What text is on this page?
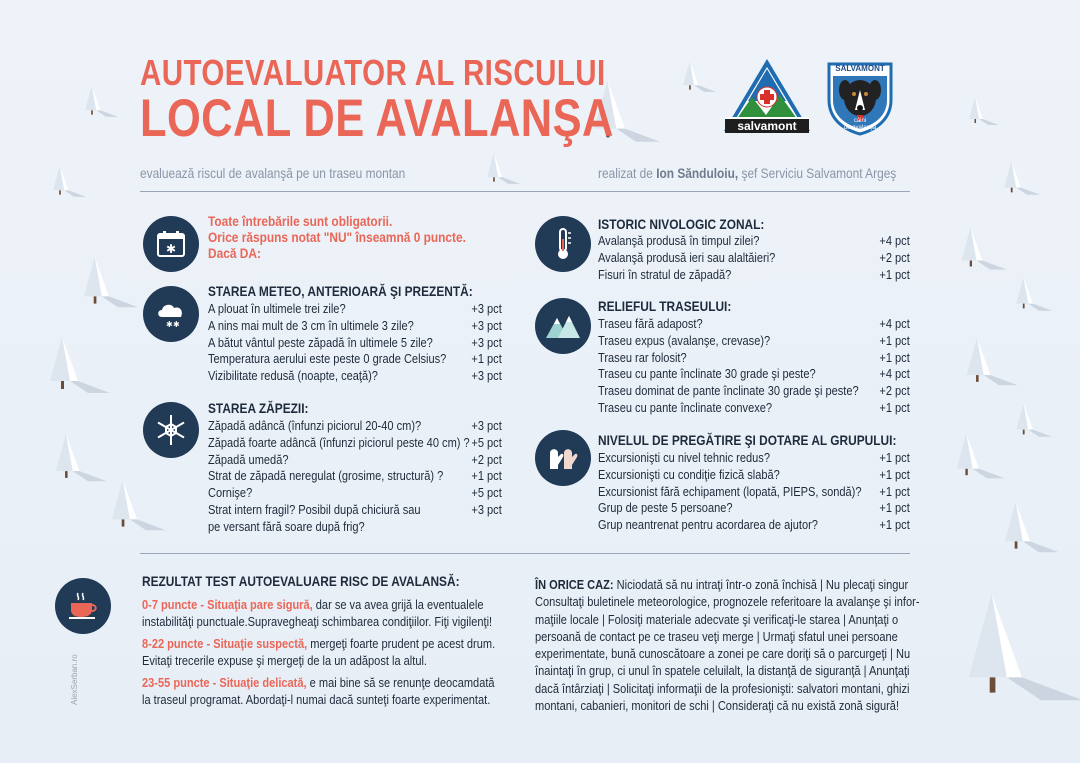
AUTOEVALUATOR AL RISCULUI
LOCAL DE AVALANŞA	salvamont
SALVAMONT
câini
de avalanşă
evaluează riscul de avalanşă pe un traseu montan	realizat de Ion Sănduloiu, şef Serviciu Salvamont Argeş
✱
Toate întrebările sunt obligatorii.
Orice răspuns notat "NU" înseamnă 0 puncte.
Dacă DA:
✱ ✱
STAREA METEO, ANTERIOARĂ ŞI PREZENTĂ:
A plouat în ultimele trei zile?	+3 pct
A nins mai mult de 3 cm în ultimele 3 zile?	+3 pct
A bătut vântul peste zăpadă în ultimele 5 zile?	+3 pct
Temperatura aerului este peste 0 grade Celsius? +1 pct
Vizibilitate redusă (noapte, ceaţă)?	+3 pct
STAREA ZĂPEZII:
Zăpadă adâncă (înfunzi piciorul 20-40 cm)?	+3 pct
Zăpadă foarte adâncă (înfunzi piciorul peste 40 cm) ? +5 pct
Zăpadă umedă?	+2 pct
Strat de zăpadă neregulat (grosime, structură) ? +1 pct
Cornişe?	+5 pct
Strat intern fragil? Posibil după chiciură sau	+3 pct
pe versant fără soare după frig?
ISTORIC NIVOLOGIC ZONAL:
Avalanşă produsă în timpul zilei?	+4 pct
Avalanşă produsă ieri sau alaltăieri?	+2 pct
Fisuri în stratul de zăpadă?	+1 pct
RELIEFUL TRASEULUI:
Traseu fără adapost?	+4 pct
Traseu expus (avalanşe, crevase)?	+1 pct
Traseu rar folosit?	+1 pct
Traseu cu pante înclinate 30 grade şi peste?	+4 pct
Traseu dominat de pante înclinate 30 grade şi peste? +2 pct
Traseu cu pante înclinate convexe?	+1 pct
NIVELUL DE PREGĂTIRE ŞI DOTARE AL GRUPULUI:
Excursionişti cu nivel tehnic redus?	+1 pct
Excursionişti cu condiţie fizică slabă?	+1 pct
Excursionist fără echipament (lopată, PIEPS, sondă)? +1 pct
Grup de peste 5 persoane?	+1 pct
Grup neantrenat pentru acordarea de ajutor?	+1 pct
REZULTAT TEST AUTOEVALUARE RISC DE AVALANSĂ:
0-7 puncte - Situaţia pare sigură, dar se va avea grijă la eventualele
instabilităţi punctuale.Supravegheaţi schimbarea condiţiilor. Fiţi vigilenţi!
8-22 puncte - Situaţie suspectă, mergeţi foarte prudent pe acest drum.
Evitaţi trecerile expuse şi mergeţi de la un adăpost la altul.
23-55 puncte - Situaţie delicată, e mai bine să se renunţe deocamdată
la traseul programat. Abordaţi-l numai dacă sunteţi foarte experimentat.
ÎN ORICE CAZ: Niciodată să nu intraţi într-o zonă închisă | Nu plecaţi singur
Consultaţi buletinele meteorologice, prognozele referitoare la avalanşe şi infor-
maţiile locale | Folosiţi materiale adecvate şi verificaţi-le starea | Anunţaţi o
persoană de contact pe ce traseu veţi merge | Urmaţi sfatul unei persoane
experimentate, bună cunoscătoare a zonei pe care doriţi să o parcurgeţi | Nu
înaintaţi în grup, ci unul în spatele celuilalt, la distanţă de siguranţă | Anunţaţi
dacă întârziaţi | Solicitaţi informaţii de la profesionişti: salvatori montani, ghizi
montani, cabanieri, monitori de schi | Consideraţi că nu există zonă sigură!
AlexSerban.ro
